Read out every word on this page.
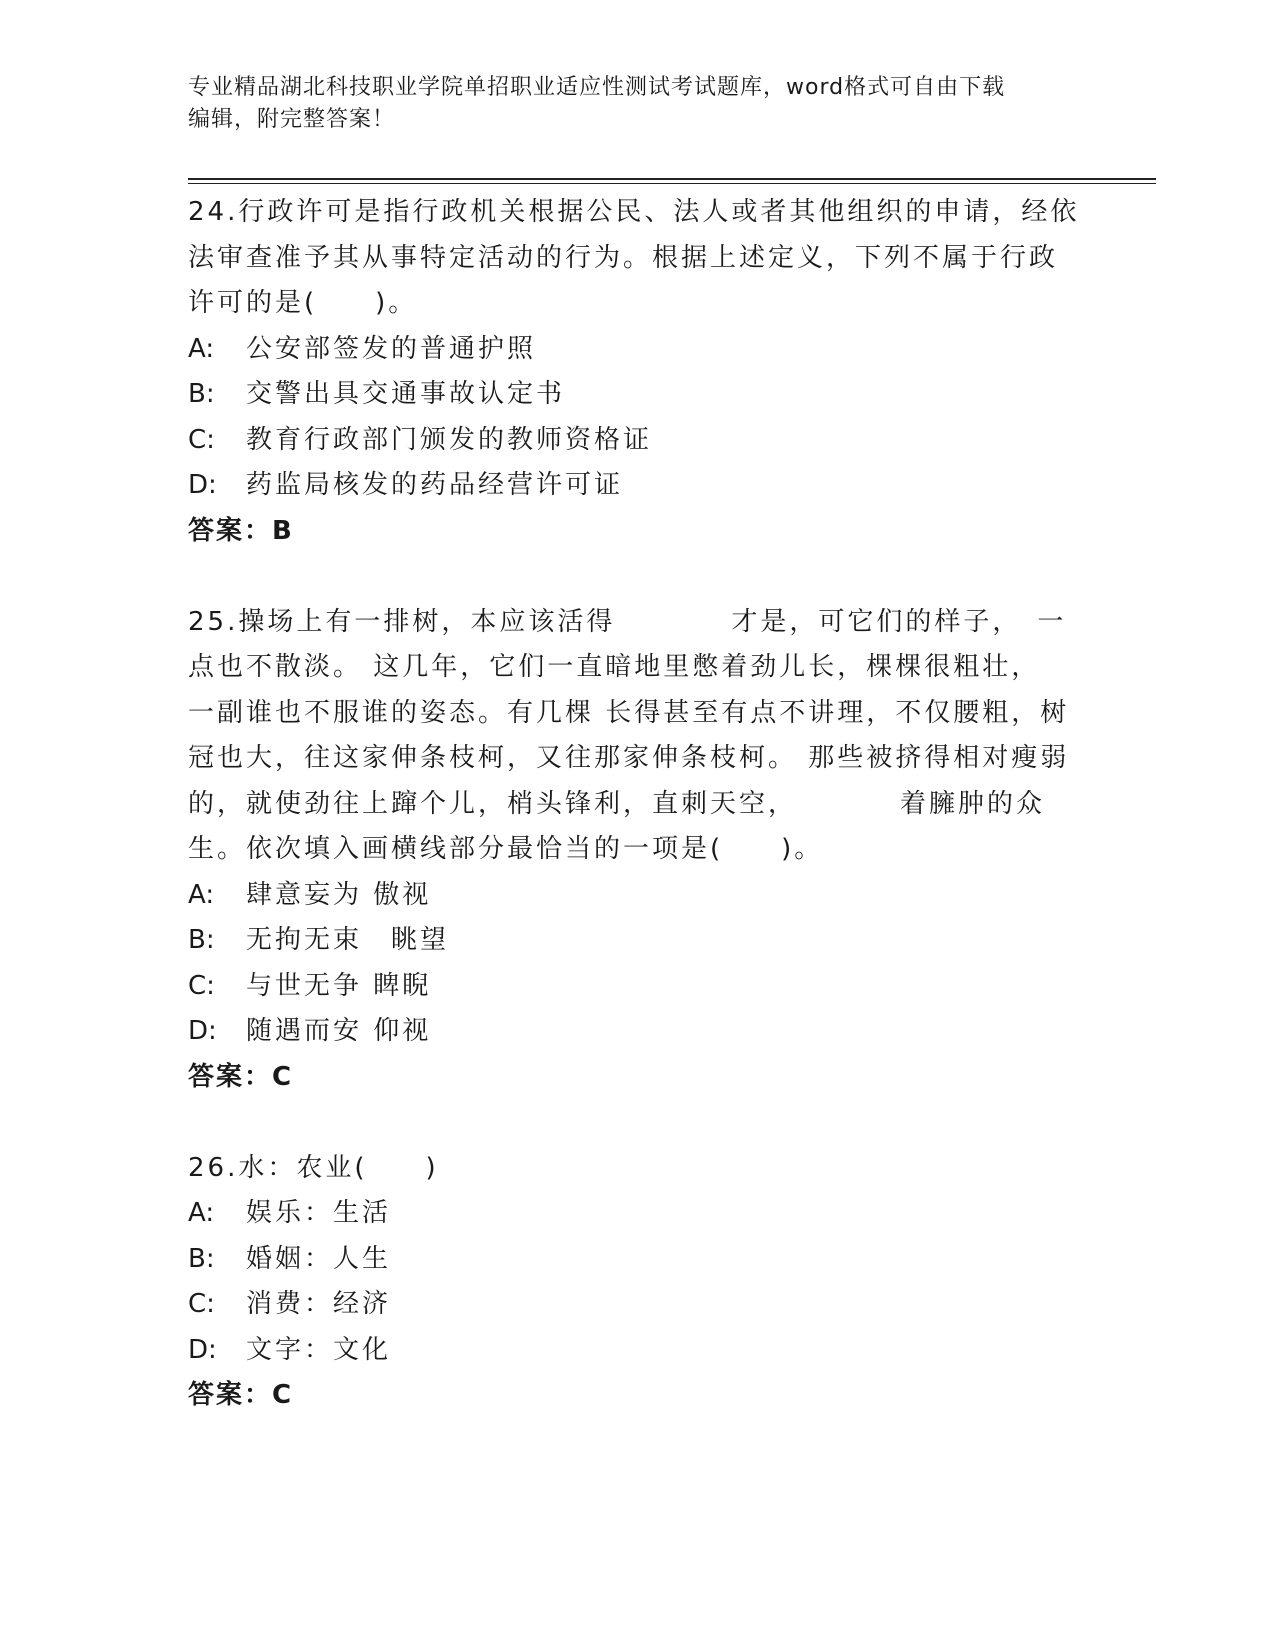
专业精品湖北科技职业学院单招职业适应性测试考试题库，word格式可自由下载
编辑，附完整答案！
24.行政许可是指行政机关根据公民、法人或者其他组织的申请，经依
法审查准予其从事特定活动的行为。根据上述定义，下列不属于行政
许可的是(　　)。
A: 公安部签发的普通护照
B: 交警出具交通事故认定书
C: 教育行政部门颁发的教师资格证
D: 药监局核发的药品经营许可证
答案：B
25.操场上有一排树，本应该活得　　　　才是，可它们的样子，　一
点也不散淡。 这几年，它们一直暗地里憋着劲儿长，棵棵很粗壮，
一副谁也不服谁的姿态。有几棵 长得甚至有点不讲理，不仅腰粗，树
冠也大，往这家伸条枝柯，又往那家伸条枝柯。 那些被挤得相对瘦弱
的，就使劲往上蹿个儿，梢头锋利，直刺天空，　　　　着臃肿的众
生。依次填入画横线部分最恰当的一项是(　　)。
A: 肆意妄为 傲视
B: 无拘无束　眺望
C: 与世无争 睥睨
D: 随遇而安 仰视
答案：C
26.水：农业(　　)
A: 娱乐：生活
B: 婚姻：人生
C: 消费：经济
D: 文字：文化
答案：C
